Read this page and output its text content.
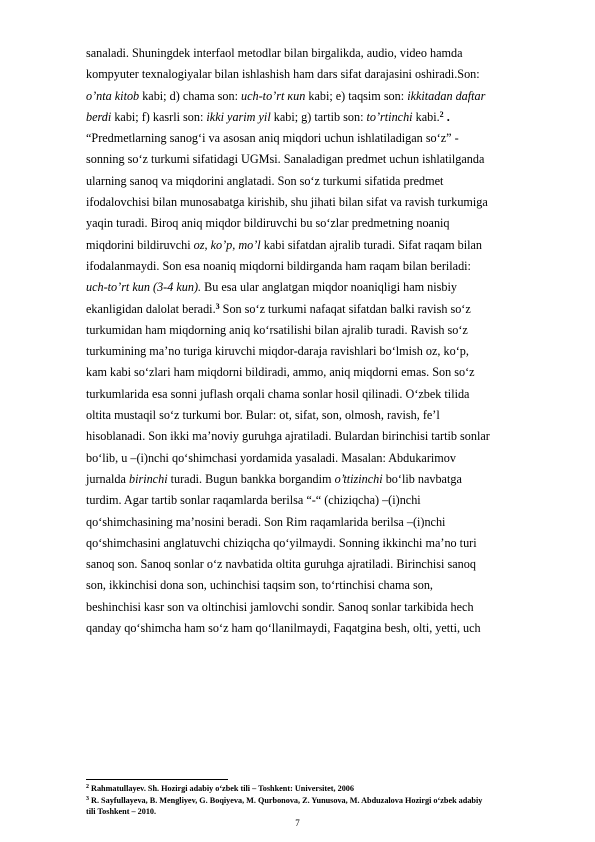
sanaladi. Shuningdek interfaol metodlar bilan birgalikda, audio, video hamda
kompyuter texnalogiyalar bilan ishlashish ham dars sifat darajasini oshiradi.Son:
o’nta kitob kabi; d) chama son: uch-to’rt кun kabi; e) taqsim son: ikkitadan daftar
berdi kabi; f) kasrli son: ikki yarim yil kabi; g) tartib son: to’rtinchi kabi.$^2$ .
“Predmetlarning sanog‘i va asosan aniq miqdori uchun ishlatiladigan so‘z” -
sonning so‘z turkumi sifatidagi UGMsi. Sanaladigan predmet uchun ishlatilganda
ularning sanoq va miqdorini anglatadi. Son so‘z turkumi sifatida predmet
ifodalovchisi bilan munosabatga kirishib, shu jihati bilan sifat va ravish turkumiga
yaqin turadi. Biroq aniq miqdor bildiruvchi bu so‘zlar predmetning noaniq
miqdorini bildiruvchi oz, ko’p, mo’l kabi sifatdan ajralib turadi. Sifat raqam bilan
ifodalanmaydi. Son esa noaniq miqdorni bildirganda ham raqam bilan beriladi:
uch-to’rt kun (3-4 kun). Bu esa ular anglatgan miqdor noaniqligi ham nisbiy
ekanligidan dalolat beradi.$^3$ Son so‘z turkumi nafaqat sifatdan balki ravish so‘z
turkumidan ham miqdorning aniq ko‘rsatilishi bilan ajralib turadi. Ravish so‘z
turkumining ma’no turiga kiruvchi miqdor-daraja ravishlari bo‘lmish oz, ko‘p,
kam kabi so‘zlari ham miqdorni bildiradi, ammo, aniq miqdorni emas. Son so‘z
turkumlarida esa sonni juflash orqali chama sonlar hosil qilinadi. O‘zbek tilida
oltita mustaqil so‘z turkumi bor. Bular: ot, sifat, son, olmosh, ravish, fe’l
hisoblanadi. Son ikki ma’noviy guruhga ajratiladi. Bulardan birinchisi tartib sonlar
bo‘lib, u –(i)nchi qo‘shimchasi yordamida yasaladi. Masalan: Abdukarimov
jurnalda birinchi turadi. Bugun bankka borgandim o’ttizinchi bo‘lib navbatga
turdim. Agar tartib sonlar raqamlarda berilsa “-“ (chiziqcha) –(i)nchi
qo‘shimchasining ma’nosini beradi. Son Rim raqamlarida berilsa –(i)nchi
qo‘shimchasini anglatuvchi chiziqcha qo‘yilmaydi. Sonning ikkinchi ma’no turi
sanoq son. Sanoq sonlar o‘z navbatida oltita guruhga ajratiladi. Birinchisi sanoq
son, ikkinchisi dona son, uchinchisi taqsim son, to‘rtinchisi chama son,
beshinchisi kasr son va oltinchisi jamlovchi sondir. Sanoq sonlar tarkibida hech
qanday qo‘shimcha ham so‘z ham qo‘llanilmaydi, Faqatgina besh, olti, yetti, uch
$^2$ Rahmatullayev. Sh. Hozirgi adabiy o‘zbek tili – Toshkent: Universitet, 2006
$^3$ R. Sayfullayeva, B. Mengliyev, G. Boqiyeva, M. Qurbonova, Z. Yunusova, M. Abduzalova Hozirgi o‘zbek adabiy
tili Toshkent – 2010.
7
